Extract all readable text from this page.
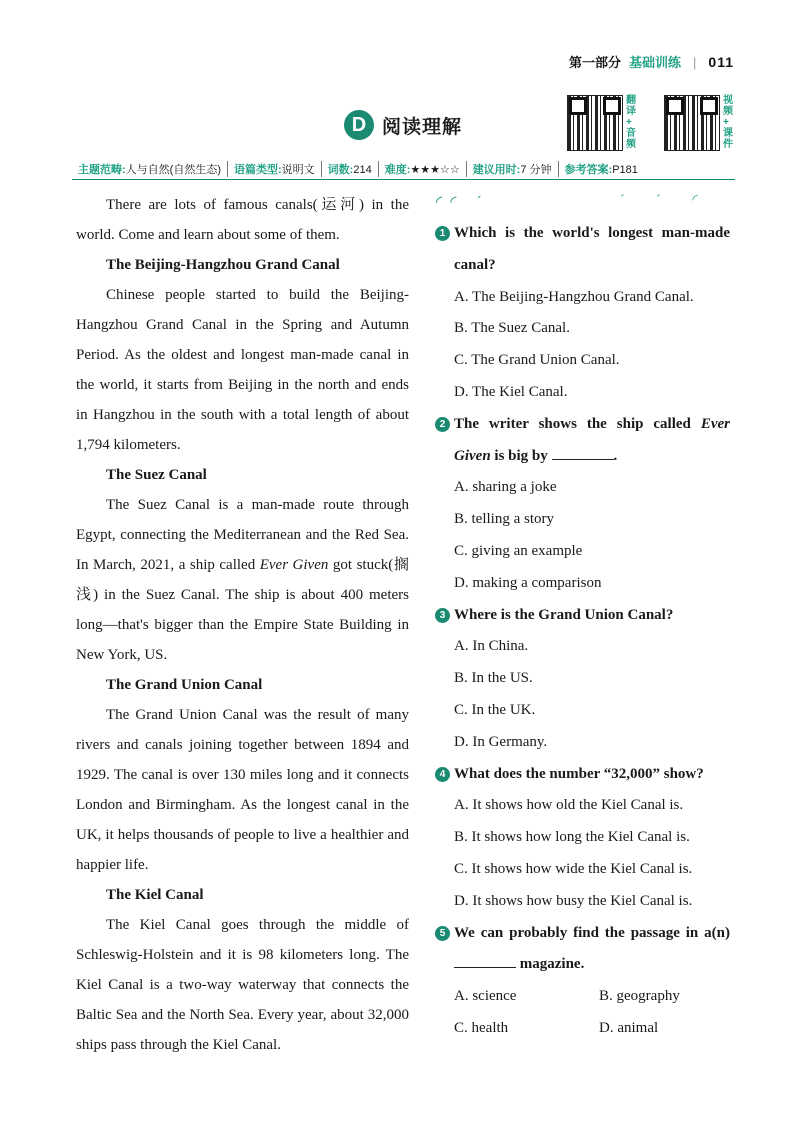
第一部分 基础训练 | 011
D 阅读理解
翻
译
+
音
频
视
频
+
课
件
主题范畴:人与自然(自然生态)	语篇类型:说明文	词数:214	难度:★★★☆☆	建议用时:7 分钟	参考答案:P181

There are lots of famous canals(运河) in the world. Come and learn about some of them.

The Beijing-Hangzhou Grand Canal

Chinese people started to build the Beijing-Hangzhou Grand Canal in the Spring and Autumn Period. As the oldest and longest man-made canal in the world, it starts from Beijing in the north and ends in Hangzhou in the south with a total length of about 1,794 kilometers.

The Suez Canal

The Suez Canal is a man-made route through Egypt, connecting the Mediterranean and the Red Sea. In March, 2021, a ship called Ever Given got stuck(搁浅) in the Suez Canal. The ship is about 400 meters long—that's bigger than the Empire State Building in New York, US.

The Grand Union Canal

The Grand Union Canal was the result of many rivers and canals joining together between 1894 and 1929. The canal is over 130 miles long and it connects London and Birmingham. As the longest canal in the UK, it helps thousands of people to live a healthier and happier life.

The Kiel Canal

The Kiel Canal goes through the middle of Schleswig-Holstein and it is 98 kilometers long. The Kiel Canal is a two-way waterway that connects the Baltic Sea and the North Sea. Every year, about 32,000 ships pass through the Kiel Canal.

◜◜ ˊ	ˊ ˊ ◜
1 Which is the world's longest man-made canal?
A. The Beijing-Hangzhou Grand Canal.
B. The Suez Canal.
C. The Grand Union Canal.
D. The Kiel Canal.
2 The writer shows the ship called Ever Given is big by	.
A. sharing a joke
B. telling a story
C. giving an example
D. making a comparison
3 Where is the Grand Union Canal?
A. In China.
B. In the US.
C. In the UK.
D. In Germany.
4 What does the number “32,000” show?
A. It shows how old the Kiel Canal is.
B. It shows how long the Kiel Canal is.
C. It shows how wide the Kiel Canal is.
D. It shows how busy the Kiel Canal is.
5 We can probably find the passage in a(n)  magazine.
A. science	B. geography
C. health	D. animal
